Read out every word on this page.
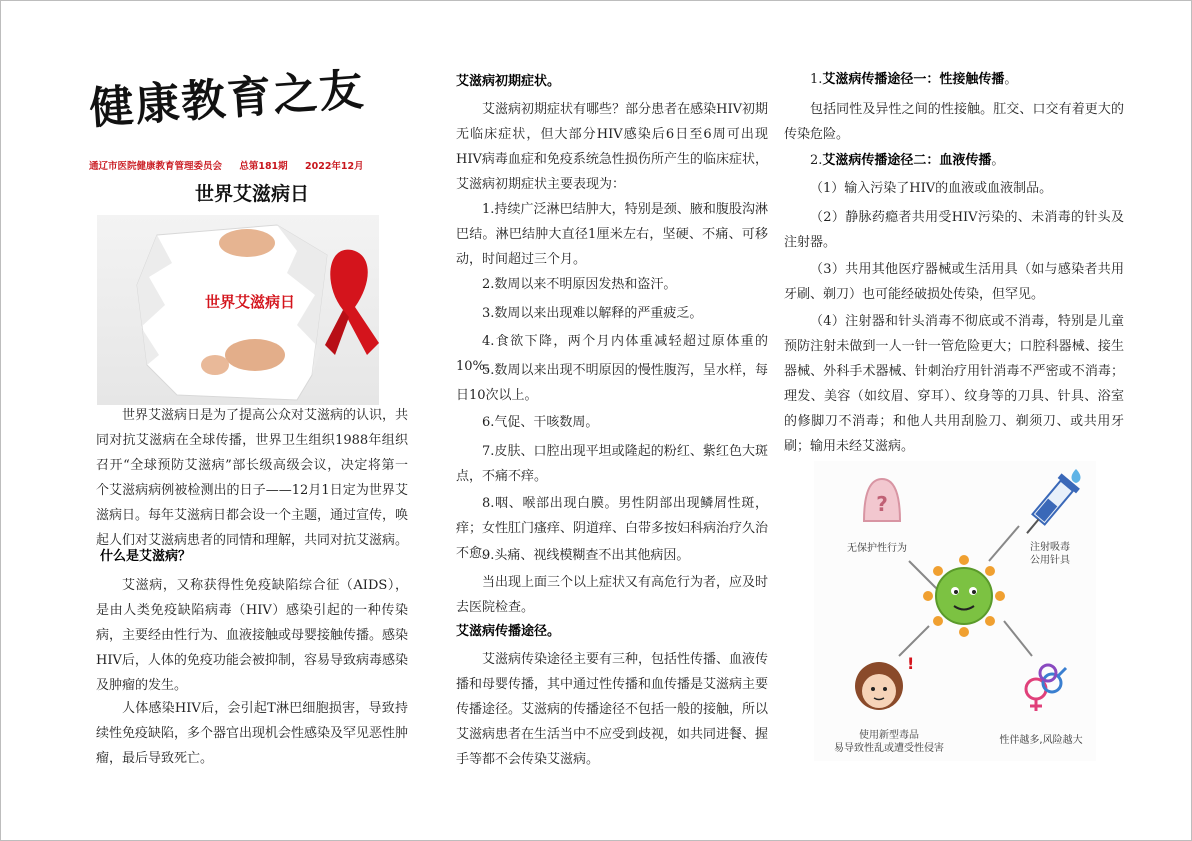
健康教育之友
通辽市医院健康教育管理委员会 总第181期 2022年12月
世界艾滋病日
世界艾滋病日

世界艾滋病日是为了提高公众对艾滋病的认识，共同对抗艾滋病在全球传播，世界卫生组织1988年组织召开“全球预防艾滋病”部长级高级会议，决定将第一个艾滋病病例被检测出的日子——12月1日定为世界艾滋病日。每年艾滋病日都会设一个主题，通过宣传，唤起人们对艾滋病患者的同情和理解，共同对抗艾滋病。

什么是艾滋病？

艾滋病，又称获得性免疫缺陷综合征（AIDS），是由人类免疫缺陷病毒（HIV）感染引起的一种传染病，主要经由性行为、血液接触或母婴接触传播。感染HIV后，人体的免疫功能会被抑制，容易导致病毒感染及肿瘤的发生。

人体感染HIV后，会引起T淋巴细胞损害，导致持续性免疫缺陷，多个器官出现机会性感染及罕见恶性肿瘤，最后导致死亡。

艾滋病初期症状。

艾滋病初期症状有哪些？部分患者在感染HIV初期无临床症状，但大部分HIV感染后6日至6周可出现HIV病毒血症和免疫系统急性损伤所产生的临床症状，艾滋病初期症状主要表现为：

1.持续广泛淋巴结肿大，特别是颈、腋和腹股沟淋巴结。淋巴结肿大直径1厘米左右，坚硬、不痛、可移动，时间超过三个月。

2.数周以来不明原因发热和盗汗。

3.数周以来出现难以解释的严重疲乏。

4.食欲下降，两个月内体重减轻超过原体重的10%。

5.数周以来出现不明原因的慢性腹泻，呈水样，每日10次以上。

6.气促、干咳数周。

7.皮肤、口腔出现平坦或隆起的粉红、紫红色大斑点，不痛不痒。

8.咽、喉部出现白膜。男性阴部出现鳞屑性斑，痒；女性肛门瘙痒、阴道痒、白带多按妇科病治疗久治不愈。

9.头痛、视线模糊查不出其他病因。

当出现上面三个以上症状又有高危行为者，应及时去医院检查。

艾滋病传播途径。

艾滋病传染途径主要有三种，包括性传播、血液传播和母婴传播，其中通过性传播和血传播是艾滋病主要传播途径。艾滋病的传播途径不包括一般的接触，所以艾滋病患者在生活当中不应受到歧视，如共同进餐、握手等都不会传染艾滋病。

1.艾滋病传播途径一：性接触传播。

包括同性及异性之间的性接触。肛交、口交有着更大的传染危险。

2.艾滋病传播途径二：血液传播。

（1）输入污染了HIV的血液或血液制品。

（2）静脉药瘾者共用受HIV污染的、未消毒的针头及注射器。

（3）共用其他医疗器械或生活用具（如与感染者共用牙刷、剃刀）也可能经破损处传染，但罕见。

（4）注射器和针头消毒不彻底或不消毒，特别是儿童预防注射未做到一人一针一管危险更大；口腔科器械、接生器械、外科手术器械、针刺治疗用针消毒不严密或不消毒；理发、美容（如纹眉、穿耳）、纹身等的刀具、针具、浴室的修脚刀不消毒；和他人共用刮脸刀、剃须刀、或共用牙刷；输用未经艾滋病。

?
!
无保护性行为	注射吸毒
公用针具
使用新型毒品
易导致性乱或遭受性侵害
性伴越多,风险越大
